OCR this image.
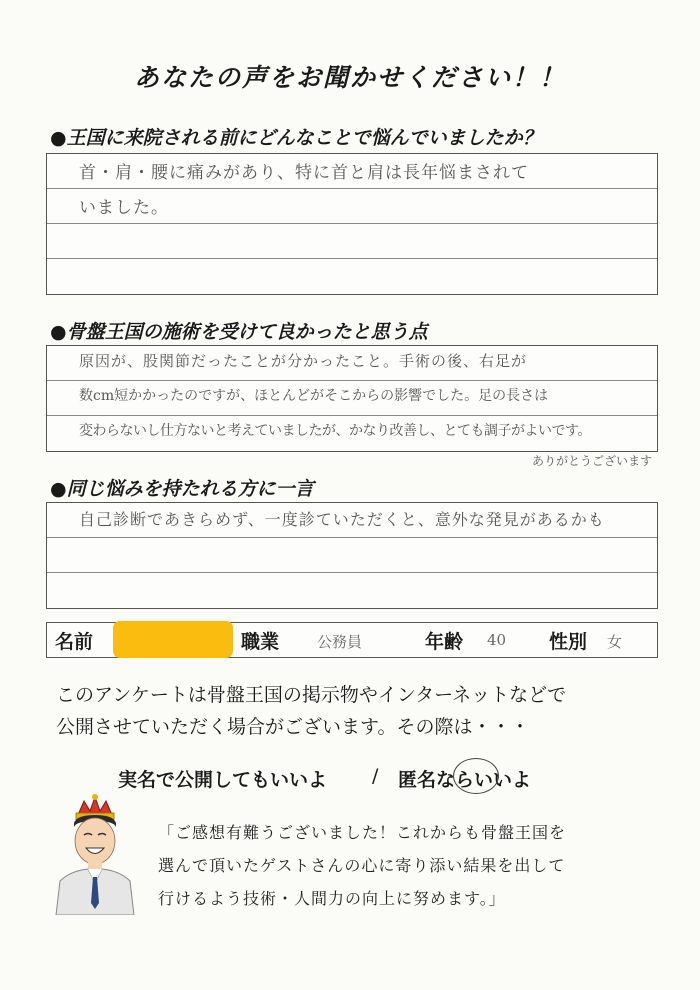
あなたの声をお聞かせください！！
●王国に来院される前にどんなことで悩んでいましたか？
首・肩・腰に痛みがあり、特に首と肩は長年悩まされて
いました。
●骨盤王国の施術を受けて良かったと思う点
原因が、股関節だったことが分かったこと。手術の後、右足が
数cm短かかったのですが、ほとんどがそこからの影響でした。足の長さは
変わらないし仕方ないと考えていましたが、かなり改善し、とても調子がよいです。
ありがとうございます
●同じ悩みを持たれる方に一言
自己診断であきらめず、一度診ていただくと、意外な発見があるかも
名前	職業	公務員	年齢 40 性別 女
このアンケートは骨盤王国の掲示物やインターネットなどで
公開させていただく場合がございます。その際は・・・
実名で公開してもいいよ / 匿名ならいいよ
「ご感想有難うございました！これからも骨盤王国を
選んで頂いたゲストさんの心に寄り添い結果を出して
行けるよう技術・人間力の向上に努めます。」
